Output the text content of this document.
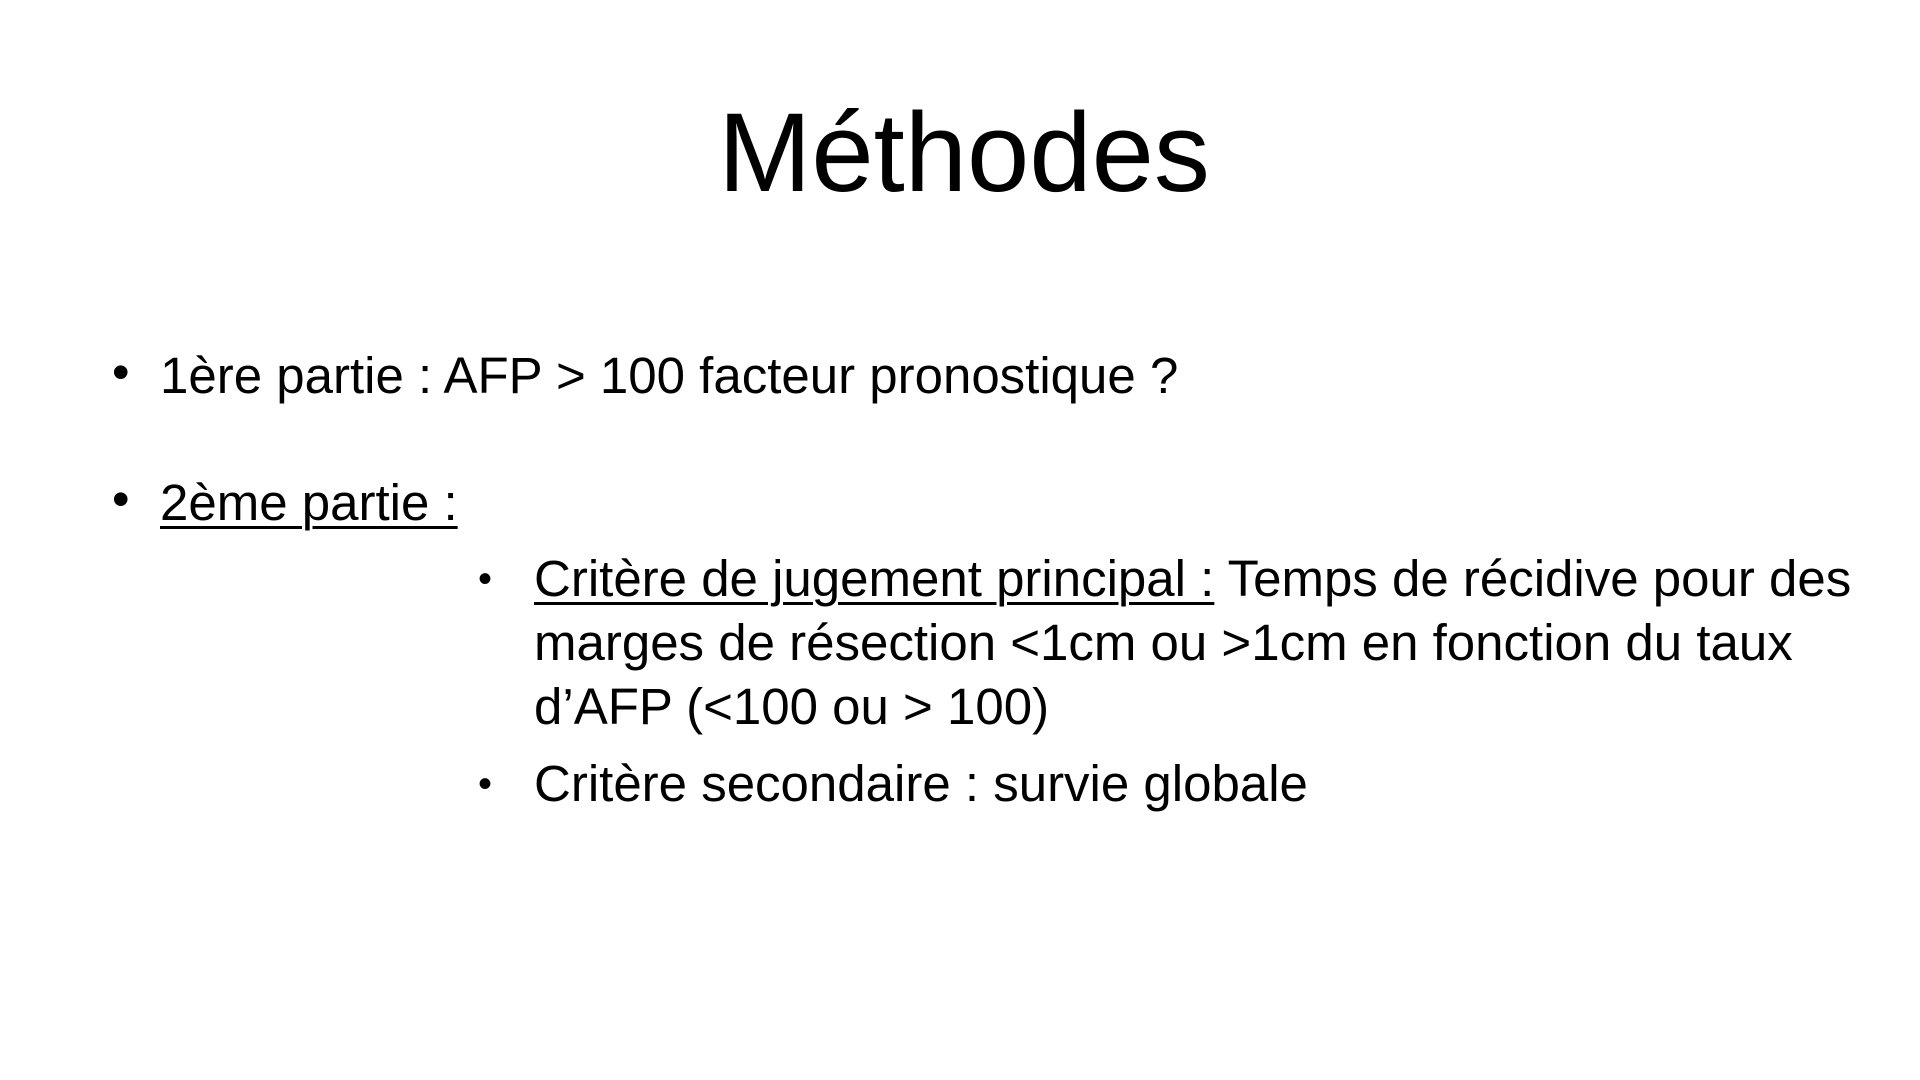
Méthodes
• 1ère partie : AFP > 100 facteur pronostique ?
• 2ème partie :
• Critère de jugement principal : Temps de récidive pour des marges de résection <1cm ou >1cm en fonction du taux d’AFP (<100 ou > 100)
• Critère secondaire : survie globale
